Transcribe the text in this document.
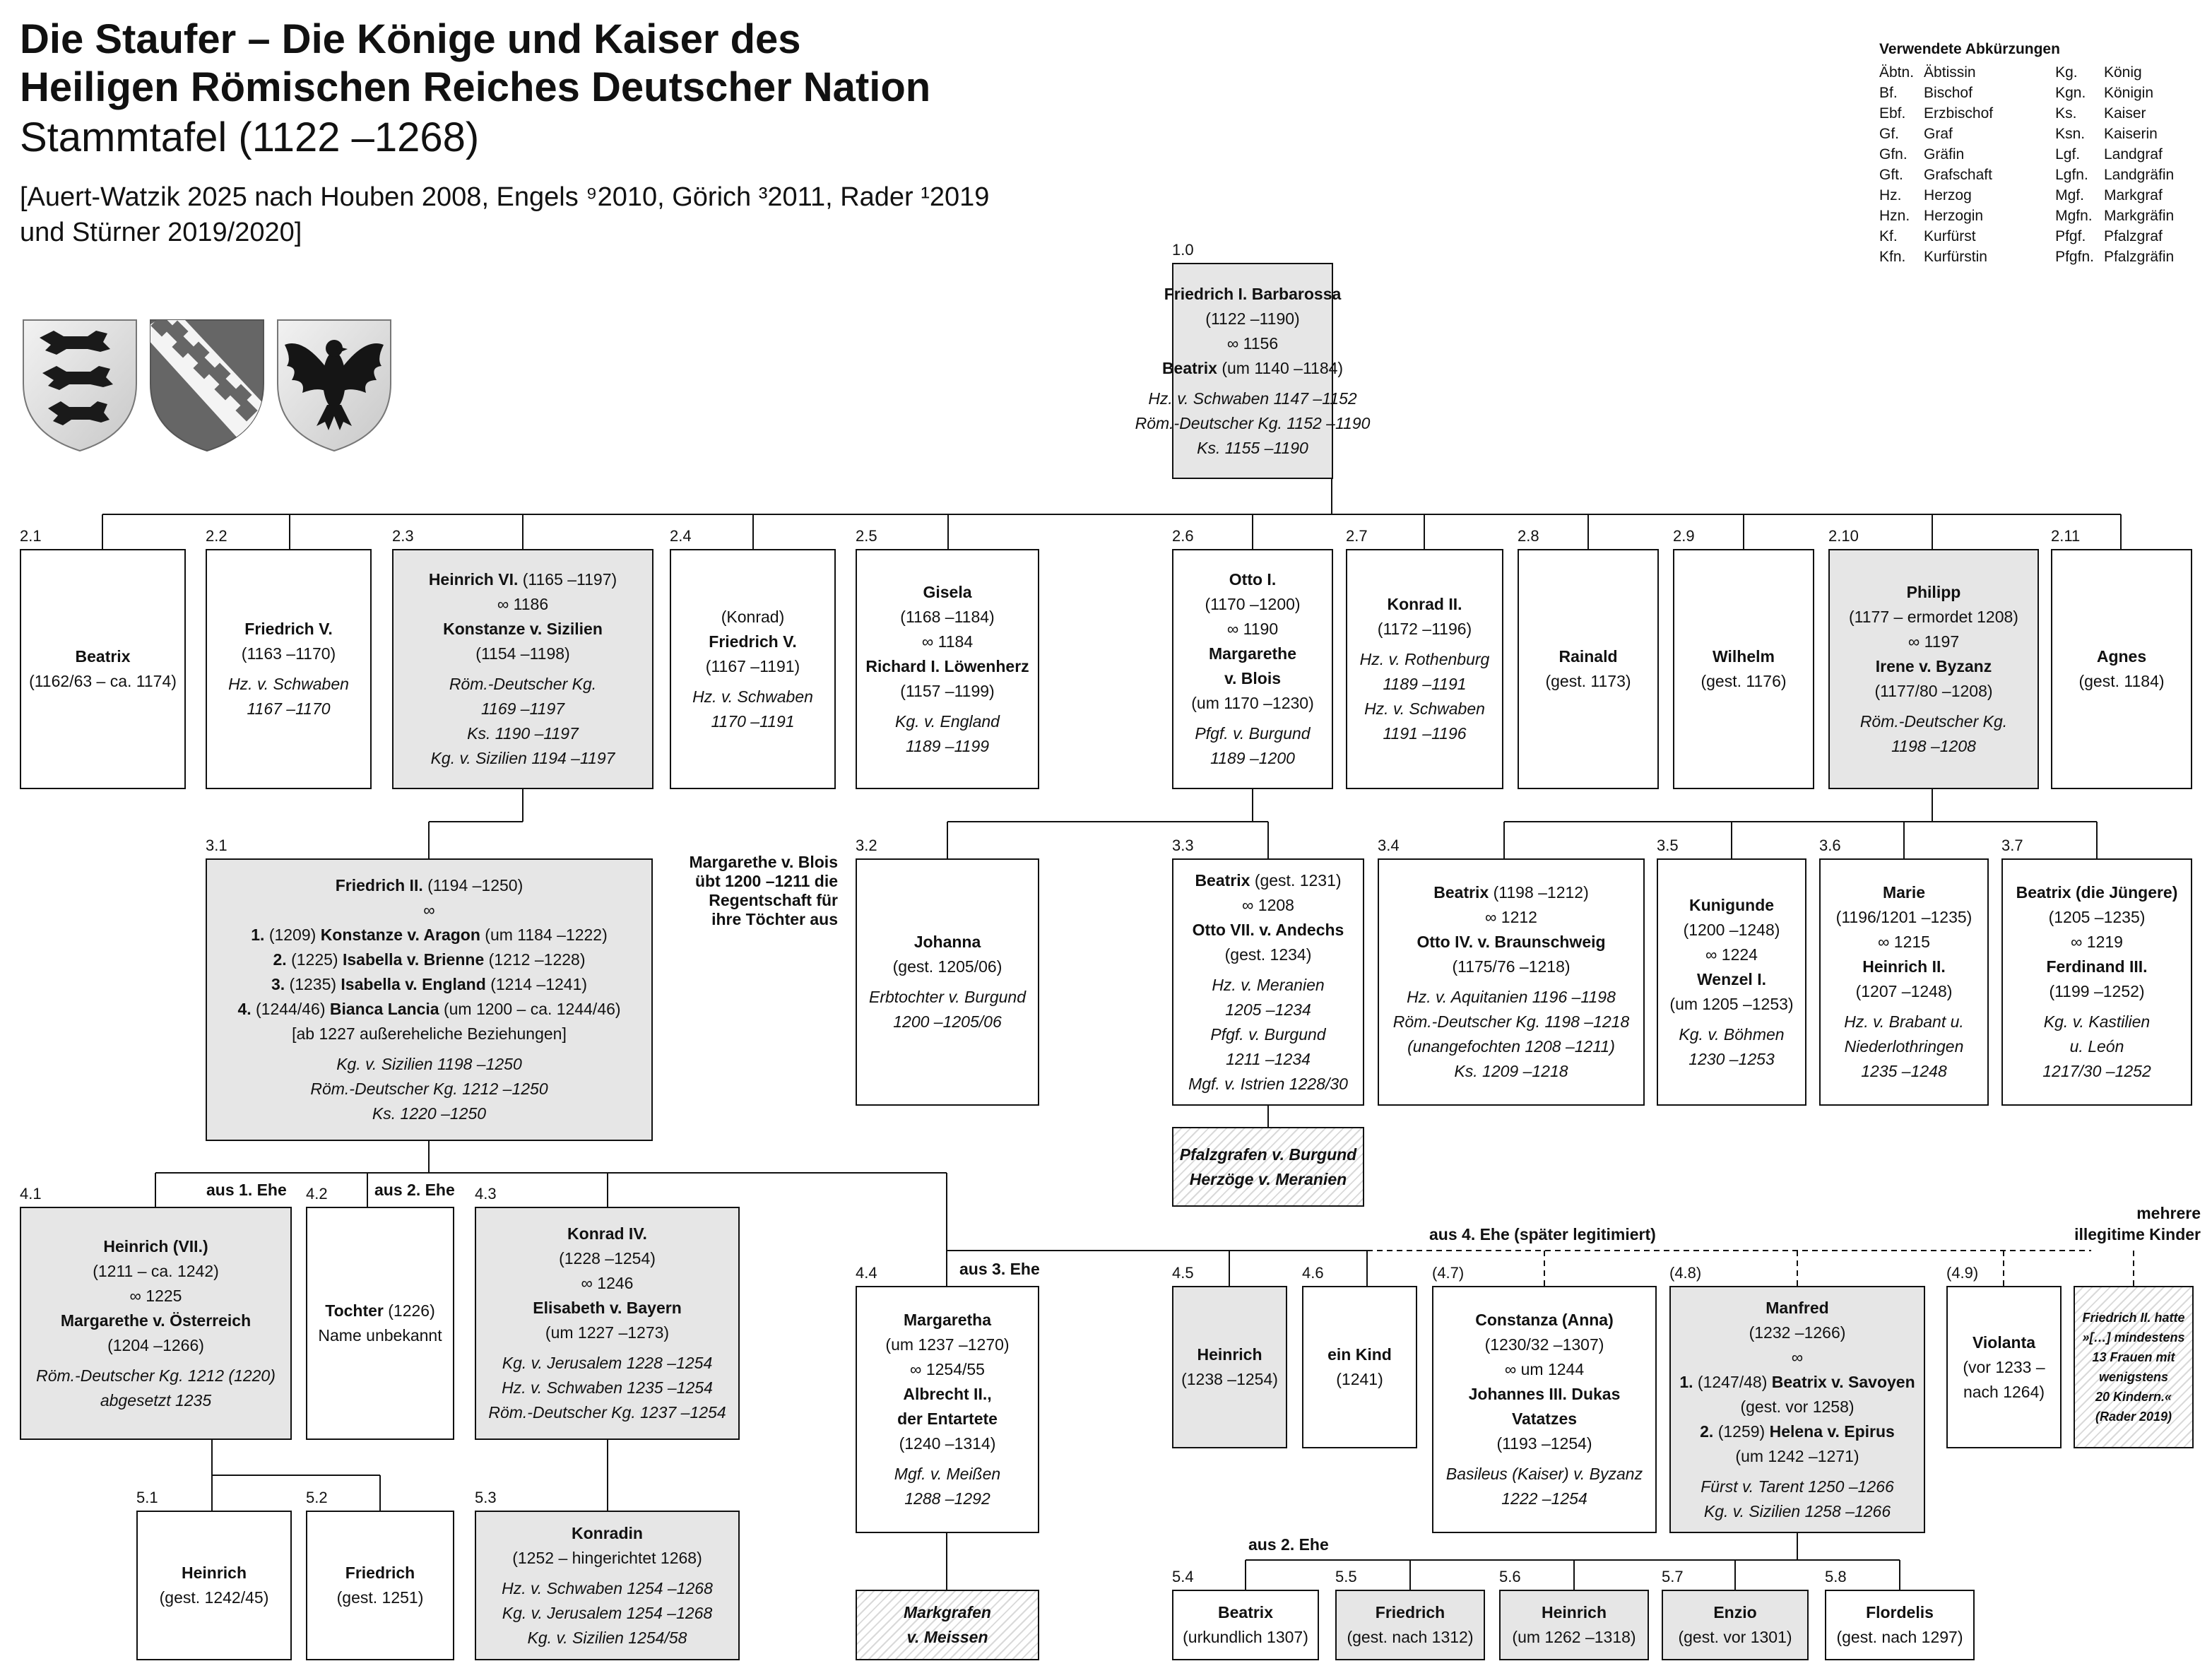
Die Staufer – Die Könige und Kaiser des
Heiligen Römischen Reiches Deutscher Nation
Stammtafel (1122 –1268)
[Auert-Watzik 2025 nach Houben 2008, Engels ⁹2010, Görich ³2011, Rader ¹2019
und Stürner 2019/2020]
Verwendete Abkürzungen
Äbtn.	Äbtissin		Kg.	König
Bf.	Bischof		Kgn.	Königin
Ebf.	Erzbischof		Ks.	Kaiser
Gf.	Graf		Ksn.	Kaiserin
Gfn.	Gräfin		Lgf.	Landgraf
Gft.	Grafschaft		Lgfn.	Landgräfin
Hz.	Herzog		Mgf.	Markgraf
Hzn.	Herzogin		Mgfn.	Markgräfin
Kf.	Kurfürst		Pfgf.	Pfalzgraf
Kfn.	Kurfürstin		Pfgfn.	Pfalzgräfin
Friedrich I. Barbarossa
(1122 –1190)
∞ 1156
Beatrix (um 1140 –1184)
Hz. v. Schwaben 1147 –1152
Röm.-Deutscher Kg. 1152 –1190
Ks. 1155 –1190
Beatrix
(1162/63 – ca. 1174)
Friedrich V.
(1163 –1170)
Hz. v. Schwaben
1167 –1170
Heinrich VI. (1165 –1197)
∞ 1186
Konstanze v. Sizilien
(1154 –1198)
Röm.-Deutscher Kg.
1169 –1197
Ks. 1190 –1197
Kg. v. Sizilien 1194 –1197
(Konrad)
Friedrich V.
(1167 –1191)
Hz. v. Schwaben
1170 –1191
Gisela
(1168 –1184)
∞ 1184
Richard I. Löwenherz
(1157 –1199)
Kg. v. England
1189 –1199
Otto I.
(1170 –1200)
∞ 1190
Margarethe
v. Blois
(um 1170 –1230)
Pfgf. v. Burgund
1189 –1200
Konrad II.
(1172 –1196)
Hz. v. Rothenburg
1189 –1191
Hz. v. Schwaben
1191 –1196
Rainald
(gest. 1173)
Wilhelm
(gest. 1176)
Philipp
(1177 – ermordet 1208)
∞ 1197
Irene v. Byzanz
(1177/80 –1208)
Röm.-Deutscher Kg.
1198 –1208
Agnes
(gest. 1184)
Friedrich II. (1194 –1250)
∞
1. (1209) Konstanze v. Aragon (um 1184 –1222)
2. (1225) Isabella v. Brienne (1212 –1228)
3. (1235) Isabella v. England (1214 –1241)
4. (1244/46) Bianca Lancia (um 1200 – ca. 1244/46)
[ab 1227 außereheliche Beziehungen]
Kg. v. Sizilien 1198 –1250
Röm.-Deutscher Kg. 1212 –1250
Ks. 1220 –1250
Johanna
(gest. 1205/06)
Erbtochter v. Burgund
1200 –1205/06
Beatrix (gest. 1231)
∞ 1208
Otto VII. v. Andechs
(gest. 1234)
Hz. v. Meranien
1205 –1234
Pfgf. v. Burgund
1211 –1234
Mgf. v. Istrien 1228/30
Beatrix (1198 –1212)
∞ 1212
Otto IV. v. Braunschweig
(1175/76 –1218)
Hz. v. Aquitanien 1196 –1198
Röm.-Deutscher Kg. 1198 –1218
(unangefochten 1208 –1211)
Ks. 1209 –1218
Kunigunde
(1200 –1248)
∞ 1224
Wenzel I.
(um 1205 –1253)
Kg. v. Böhmen
1230 –1253
Marie
(1196/1201 –1235)
∞ 1215
Heinrich II.
(1207 –1248)
Hz. v. Brabant u.
Niederlothringen
1235 –1248
Beatrix (die Jüngere)
(1205 –1235)
∞ 1219
Ferdinand III.
(1199 –1252)
Kg. v. Kastilien
u. León
1217/30 –1252
Pfalzgrafen v. Burgund
Herzöge v. Meranien
Heinrich (VII.)
(1211 – ca. 1242)
∞ 1225
Margarethe v. Österreich
(1204 –1266)
Röm.-Deutscher Kg. 1212 (1220)
abgesetzt 1235
Tochter (1226)
Name unbekannt
Konrad IV.
(1228 –1254)
∞ 1246
Elisabeth v. Bayern
(um 1227 –1273)
Kg. v. Jerusalem 1228 –1254
Hz. v. Schwaben 1235 –1254
Röm.-Deutscher Kg. 1237 –1254
Margaretha
(um 1237 –1270)
∞ 1254/55
Albrecht II.,
der Entartete
(1240 –1314)
Mgf. v. Meißen
1288 –1292
Markgrafen
v. Meissen
Heinrich
(1238 –1254)
ein Kind
(1241)
Constanza (Anna)
(1230/32 –1307)
∞ um 1244
Johannes III. Dukas
Vatatzes
(1193 –1254)
Basileus (Kaiser) v. Byzanz
1222 –1254
Manfred
(1232 –1266)
∞
1. (1247/48) Beatrix v. Savoyen
(gest. vor 1258)
2. (1259) Helena v. Epirus
(um 1242 –1271)
Fürst v. Tarent 1250 –1266
Kg. v. Sizilien 1258 –1266
Violanta
(vor 1233 –
nach 1264)
Friedrich II. hatte
»[…] mindestens
13 Frauen mit
wenigstens
20 Kindern.«
(Rader 2019)
Heinrich
(gest. 1242/45)
Friedrich
(gest. 1251)
Konradin
(1252 – hingerichtet 1268)
Hz. v. Schwaben 1254 –1268
Kg. v. Jerusalem 1254 –1268
Kg. v. Sizilien 1254/58
Beatrix
(urkundlich 1307)
Friedrich
(gest. nach 1312)
Heinrich
(um 1262 –1318)
Enzio
(gest. vor 1301)
Flordelis
(gest. nach 1297)
1.0
2.1	2.2	2.3	2.4	2.5	2.6	2.7	2.8	2.9	2.10	2.11
3.1	3.2	3.3	3.4	3.5	3.6	3.7
4.1	4.2	4.3
4.4	4.5	4.6	(4.7)	(4.8)	(4.9)
5.1	5.2	5.3
5.4	5.5	5.6	5.7	5.8
aus 1. Ehe	aus 2. Ehe
aus 3. Ehe
aus 4. Ehe (später legitimiert)
aus 2. Ehe
mehrere
illegitime Kinder
Margarethe v. Blois
übt 1200 –1211 die
Regentschaft für
ihre Töchter aus
